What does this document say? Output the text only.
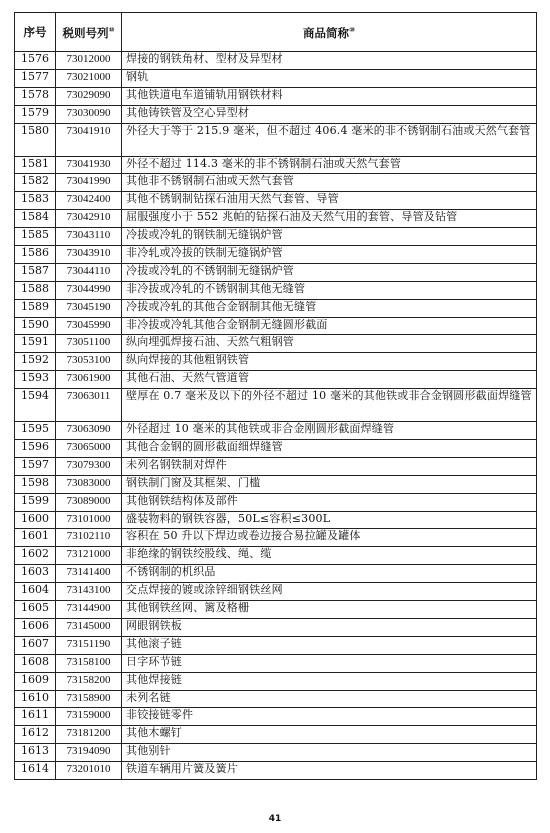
序号	税则号列⑩	商品简称⑩
1576	73012000	焊接的钢铁角材、型材及异型材
1577	73021000	钢轨
1578	73029090	其他铁道电车道铺轨用钢铁材料
1579	73030090	其他铸铁管及空心异型材
1580	73041910	外径大于等于 215.9 毫米，但不超过 406.4 毫米的非不锈钢制石油或天然气套管
1581	73041930	外径不超过 114.3 毫米的非不锈钢制石油或天然气套管
1582	73041990	其他非不锈钢制石油或天然气套管
1583	73042400	其他不锈钢制钻探石油用天然气套管、导管
1584	73042910	屈服强度小于 552 兆帕的钻探石油及天然气用的套管、导管及钻管
1585	73043110	冷拔或冷轧的钢铁制无缝锅炉管
1586	73043910	非冷轧或冷拔的铁制无缝锅炉管
1587	73044110	冷拔或冷轧的不锈钢制无缝锅炉管
1588	73044990	非冷拔或冷轧的不锈钢制其他无缝管
1589	73045190	冷拔或冷轧的其他合金钢制其他无缝管
1590	73045990	非冷拔或冷轧其他合金钢制无缝圆形截面
1591	73051100	纵向埋弧焊接石油、天然气粗钢管
1592	73053100	纵向焊接的其他粗钢铁管
1593	73061900	其他石油、天然气管道管
1594	73063011	壁厚在 0.7 毫米及以下的外径不超过 10 毫米的其他铁或非合金钢圆形截面焊缝管
1595	73063090	外径超过 10 毫米的其他铁或非合金刚圆形截面焊缝管
1596	73065000	其他合金钢的圆形截面细焊缝管
1597	73079300	未列名钢铁制对焊件
1598	73083000	钢铁制门窗及其框架、门槛
1599	73089000	其他钢铁结构体及部件
1600	73101000	盛装物料的钢铁容器，50L≤容积≤300L
1601	73102110	容积在 50 升以下焊边或卷边接合易拉罐及罐体
1602	73121000	非绝缘的钢铁绞股线、绳、缆
1603	73141400	不锈钢制的机织品
1604	73143100	交点焊接的镀或涂锌细钢铁丝网
1605	73144900	其他钢铁丝网、篱及格栅
1606	73145000	网眼钢铁板
1607	73151190	其他滚子链
1608	73158100	日字环节链
1609	73158200	其他焊接链
1610	73158900	未列名链
1611	73159000	非铰接链零件
1612	73181200	其他木螺钉
1613	73194090	其他别针
1614	73201010	铁道车辆用片簧及簧片
41
